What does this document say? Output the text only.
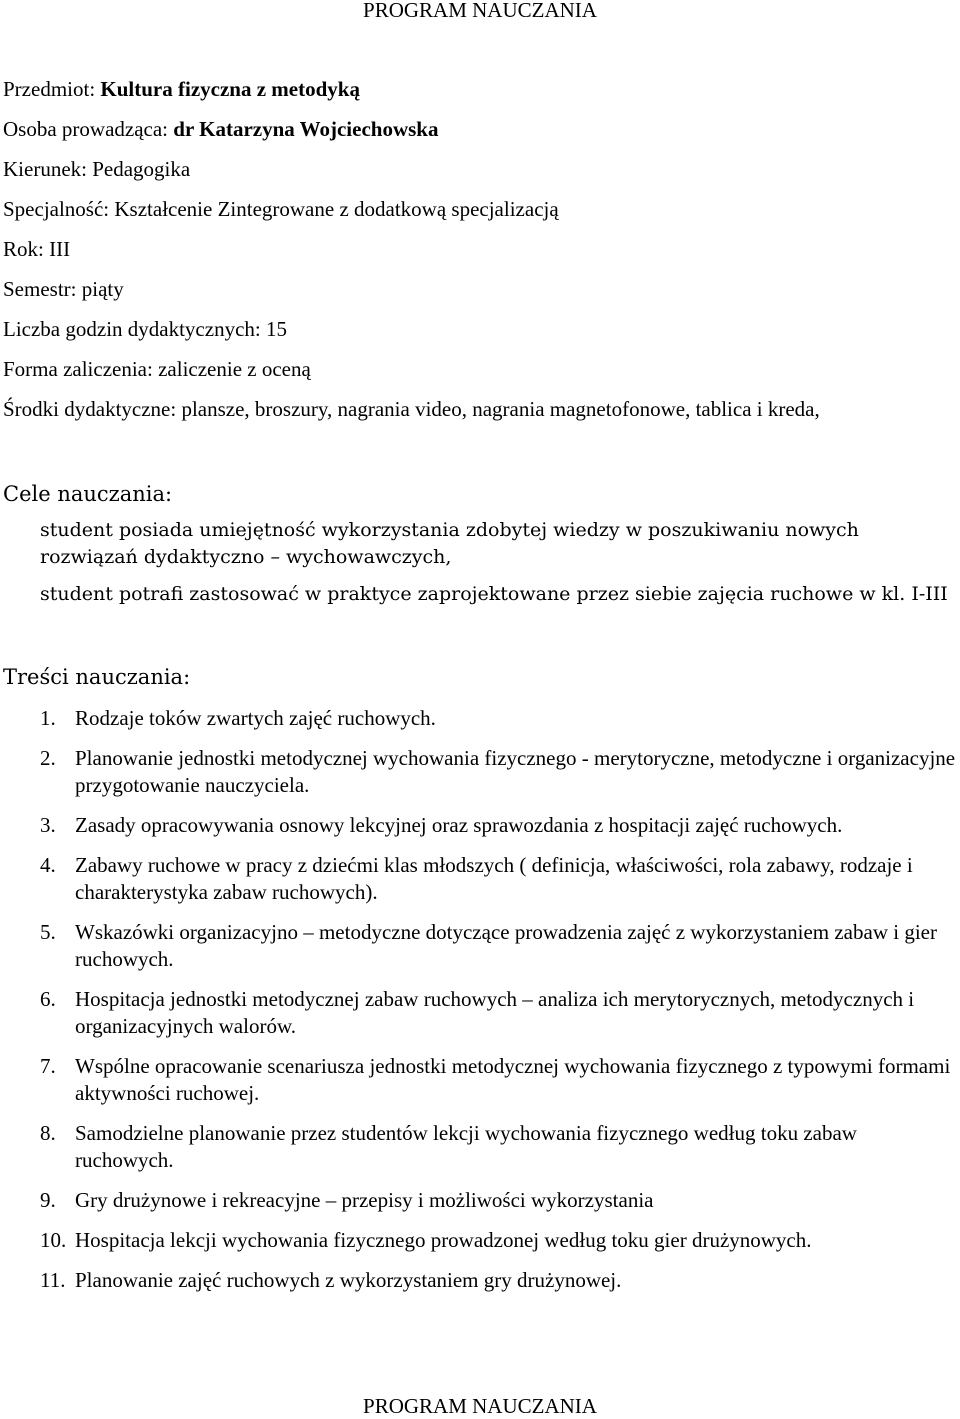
PROGRAM NAUCZANIA
Przedmiot: Kultura fizyczna z metodyką
Osoba prowadząca: dr Katarzyna Wojciechowska
Kierunek: Pedagogika
Specjalność: Kształcenie Zintegrowane z dodatkową specjalizacją
Rok: III
Semestr: piąty
Liczba godzin dydaktycznych: 15
Forma zaliczenia: zaliczenie z oceną
Środki dydaktyczne: plansze, broszury, nagrania video, nagrania magnetofonowe, tablica i kreda,
Cele nauczania:
student posiada umiejętność wykorzystania zdobytej wiedzy w poszukiwaniu nowych rozwiązań dydaktyczno – wychowawczych,
student potrafi zastosować w praktyce zaprojektowane przez siebie zajęcia ruchowe w kl. I-III
Treści nauczania:
1. Rodzaje toków zwartych zajęć ruchowych.
2. Planowanie jednostki metodycznej wychowania fizycznego - merytoryczne, metodyczne i organizacyjne przygotowanie nauczyciela.
3. Zasady opracowywania osnowy lekcyjnej oraz sprawozdania z hospitacji zajęć ruchowych.
4. Zabawy ruchowe w pracy z dziećmi klas młodszych ( definicja, właściwości, rola zabawy, rodzaje i charakterystyka zabaw ruchowych).
5. Wskazówki organizacyjno – metodyczne dotyczące prowadzenia zajęć z wykorzystaniem zabaw i gier ruchowych.
6. Hospitacja jednostki metodycznej zabaw ruchowych – analiza ich merytorycznych, metodycznych i organizacyjnych walorów.
7. Wspólne opracowanie scenariusza jednostki metodycznej wychowania fizycznego z typowymi formami aktywności ruchowej.
8. Samodzielne planowanie przez studentów lekcji wychowania fizycznego według toku zabaw ruchowych.
9. Gry drużynowe i rekreacyjne – przepisy i możliwości wykorzystania
10. Hospitacja lekcji wychowania fizycznego prowadzonej według toku gier drużynowych.
11. Planowanie zajęć ruchowych z wykorzystaniem gry drużynowej.
PROGRAM NAUCZANIA
